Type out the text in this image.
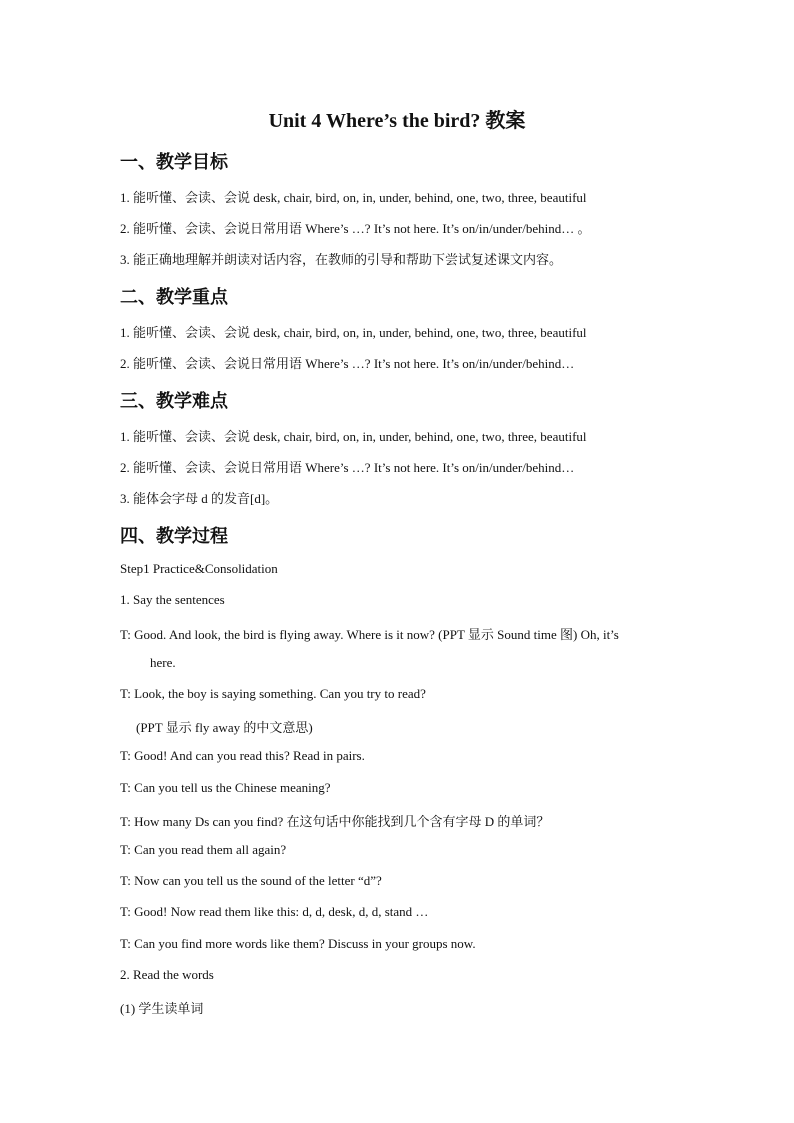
Unit 4 Where’s the bird? 教案
一、教学目标
1. 能听懂、会读、会说 desk, chair, bird, on, in, under, behind, one, two, three, beautiful
2. 能听懂、会读、会说日常用语 Where’s …? It’s not here. It’s on/in/under/behind… 。
3. 能正确地理解并朗读对话内容，在教师的引导和帮助下尝试复述课文内容。
二、教学重点
1. 能听懂、会读、会说 desk, chair, bird, on, in, under, behind, one, two, three, beautiful
2. 能听懂、会读、会说日常用语 Where’s …? It’s not here. It’s on/in/under/behind…
三、教学难点
1. 能听懂、会读、会说 desk, chair, bird, on, in, under, behind, one, two, three, beautiful
2. 能听懂、会读、会说日常用语 Where’s …? It’s not here. It’s on/in/under/behind…
3. 能体会字母 d 的发音[d]。
四、教学过程
Step1 Practice&Consolidation
1. Say the sentences
T: Good. And look, the bird is flying away. Where is it now? (PPT 显示 Sound time 图) Oh, it’s
here.
T: Look, the boy is saying something. Can you try to read?
(PPT 显示 fly away 的中文意思)
T: Good! And can you read this? Read in pairs.
T: Can you tell us the Chinese meaning?
T: How many Ds can you find? 在这句话中你能找到几个含有字母 D 的单词？
T: Can you read them all again?
T: Now can you tell us the sound of the letter “d”?
T: Good! Now read them like this: d, d, desk, d, d, stand …
T: Can you find more words like them? Discuss in your groups now.
2. Read the words
(1) 学生读单词
